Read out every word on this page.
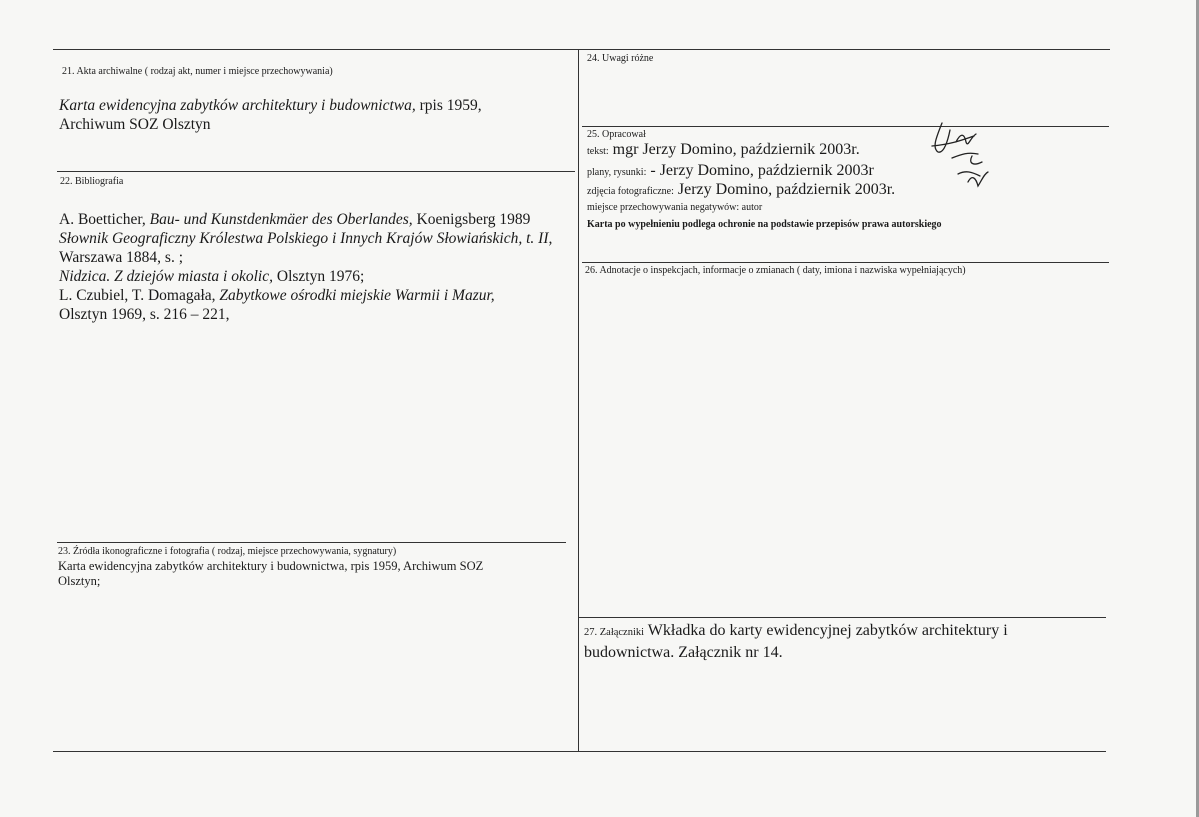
21. Akta archiwalne ( rodzaj akt, numer i miejsce przechowywania)
Karta ewidencyjna zabytków architektury i budownictwa, rpis 1959,
Archiwum SOZ Olsztyn
22. Bibliografia
A. Boetticher, Bau- und Kunstdenkmäer des Oberlandes, Koenigsberg 1989
Słownik Geograficzny Królestwa Polskiego i Innych Krajów Słowiańskich, t. II, Warszawa 1884, s. ;
Nidzica. Z dziejów miasta i okolic, Olsztyn 1976;
L. Czubiel, T. Domagała, Zabytkowe ośrodki miejskie Warmii i Mazur,
Olsztyn 1969, s. 216 – 221,
23. Źródła ikonograficzne i fotografia ( rodzaj, miejsce przechowywania, sygnatury)
Karta ewidencyjna zabytków architektury i budownictwa, rpis 1959, Archiwum SOZ
Olsztyn;
24. Uwagi różne
25. Opracował
tekst: mgr Jerzy Domino, październik 2003r.
plany, rysunki: - Jerzy Domino, październik 2003r
zdjęcia fotograficzne: Jerzy Domino, październik 2003r.
miejsce przechowywania negatywów: autor
Karta po wypełnieniu podlega ochronie na podstawie przepisów prawa autorskiego
26. Adnotacje o inspekcjach, informacje o zmianach ( daty, imiona i nazwiska wypełniających)
27. Załączniki Wkładka do karty ewidencyjnej zabytków architektury i
budownictwa. Załącznik nr 14.
